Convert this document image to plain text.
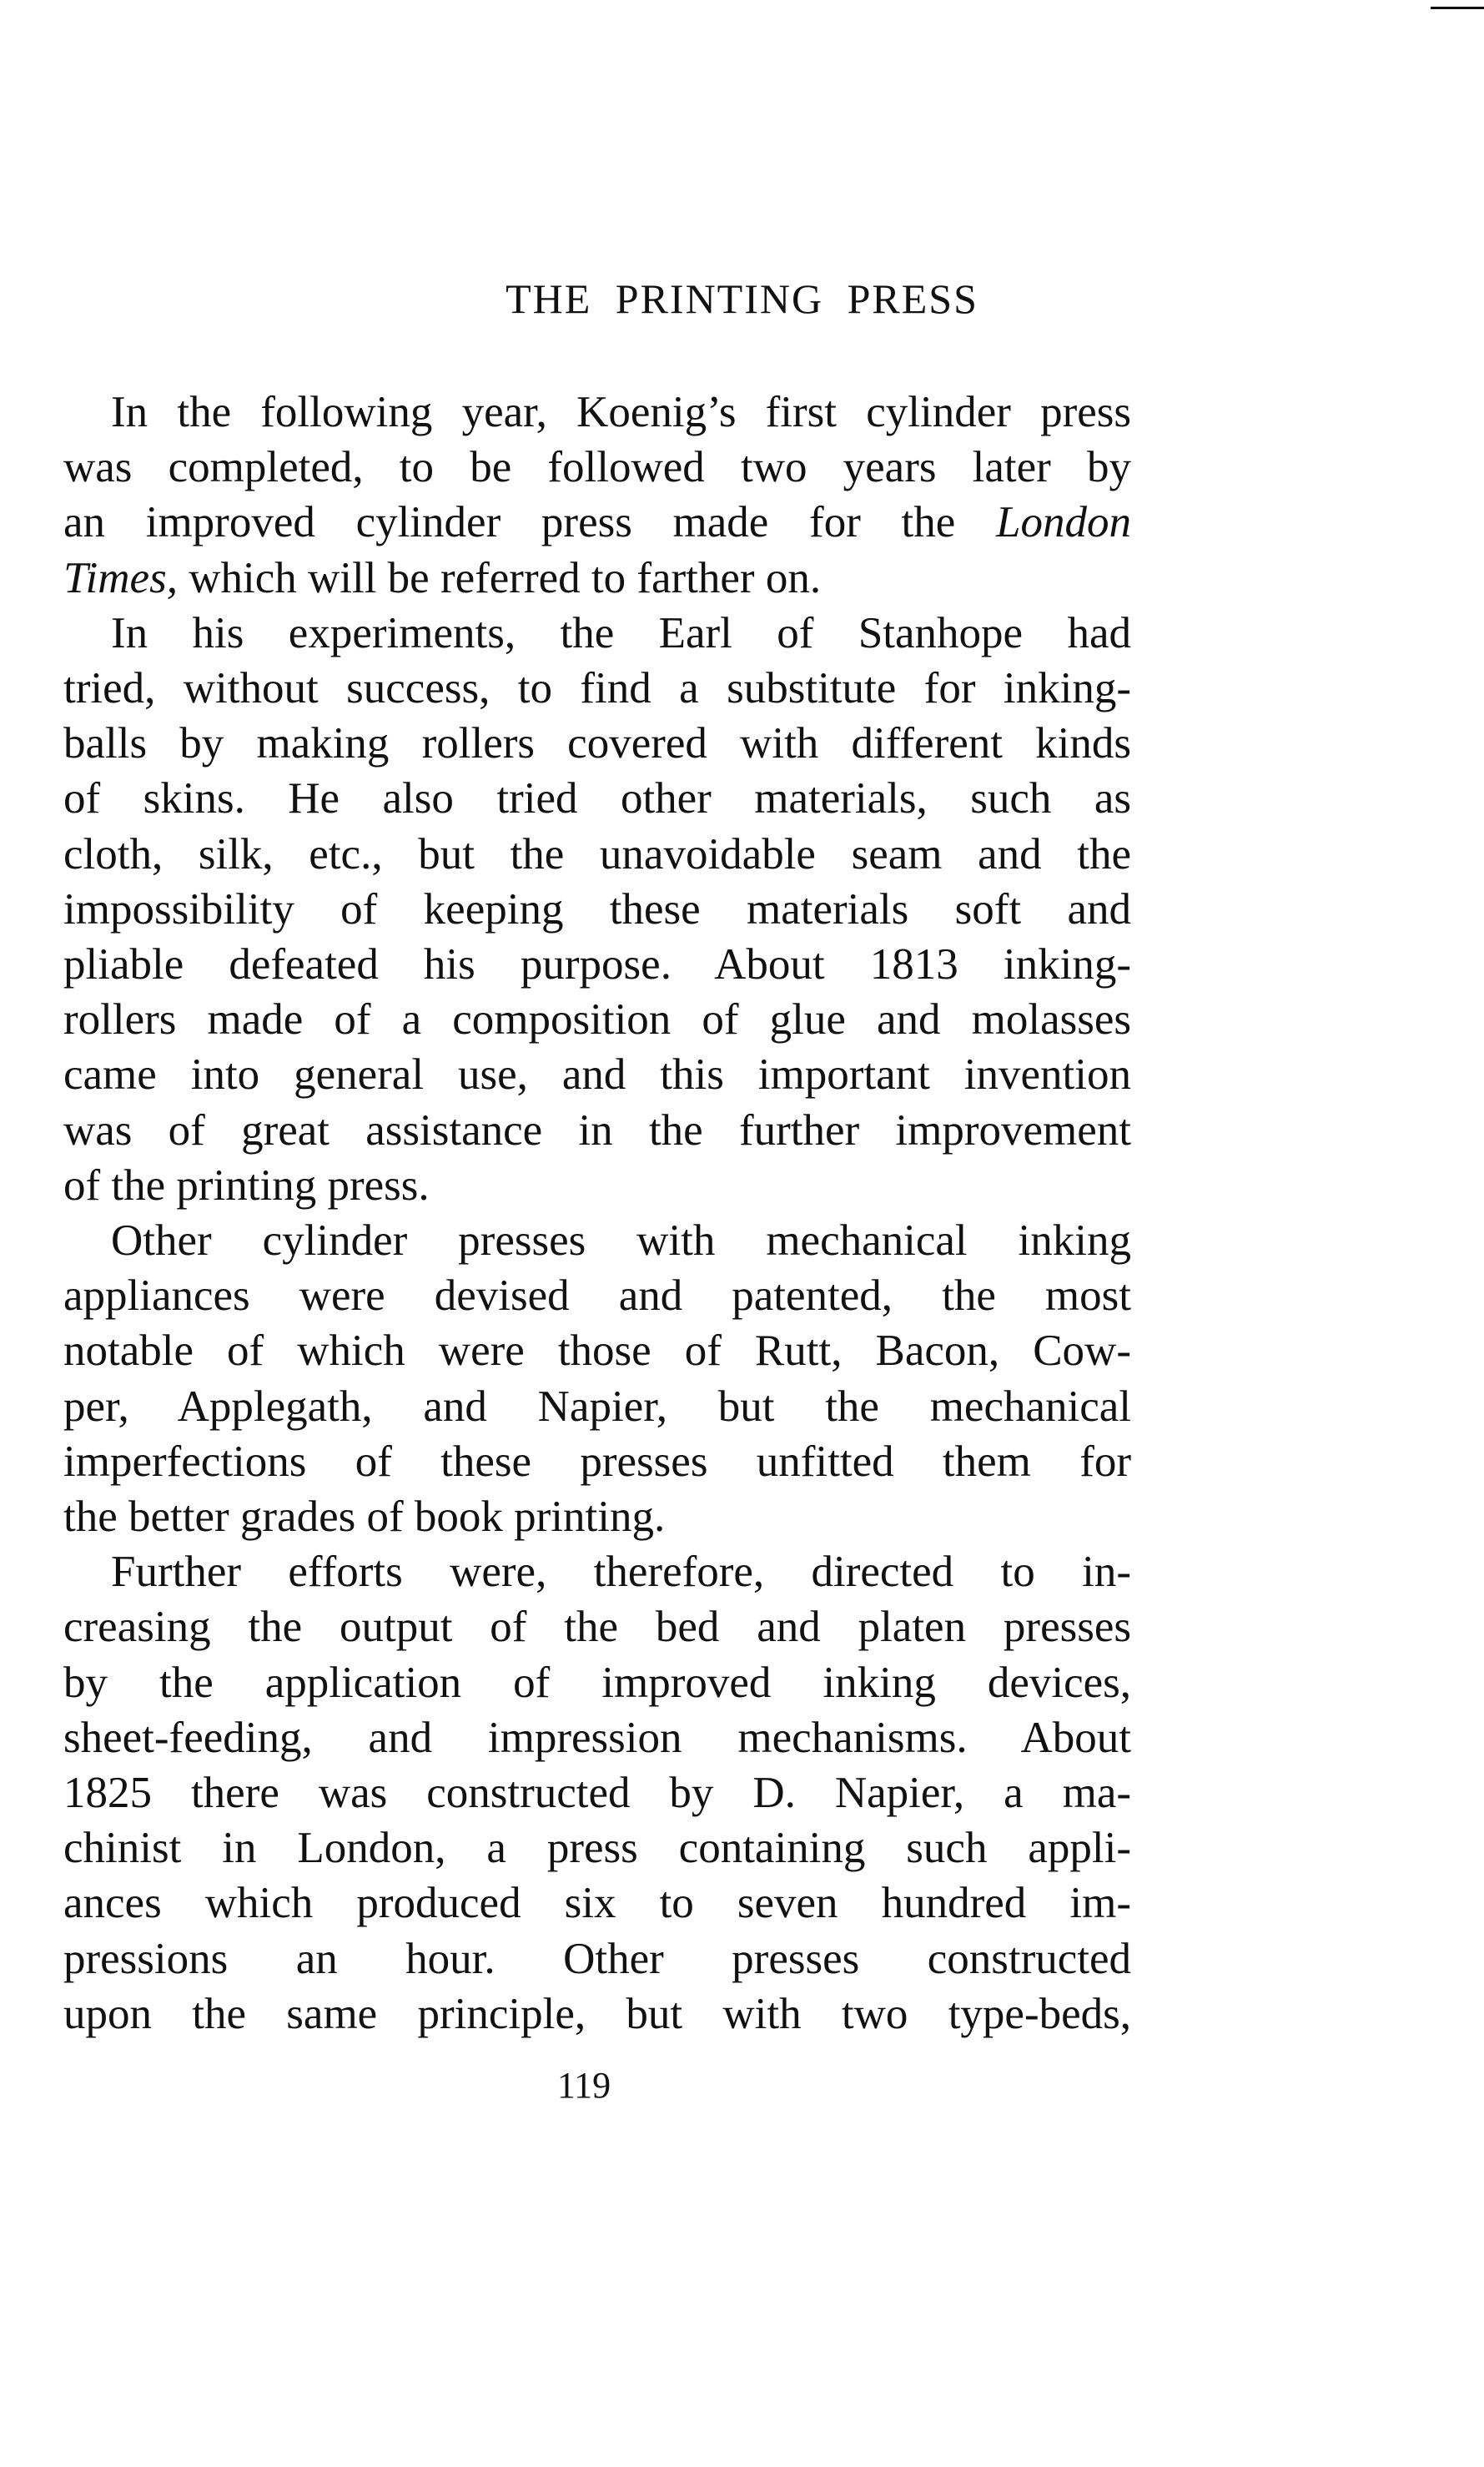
THE PRINTING PRESS
In the following year, Koenig’s first cylinder press
was completed, to be followed two years later by
an improved cylinder press made for the London
Times, which will be referred to farther on.
In his experiments, the Earl of Stanhope had
tried, without success, to find a substitute for inking-
balls by making rollers covered with different kinds
of skins. He also tried other materials, such as
cloth, silk, etc., but the unavoidable seam and the
impossibility of keeping these materials soft and
pliable defeated his purpose. About 1813 inking-
rollers made of a composition of glue and molasses
came into general use, and this important invention
was of great assistance in the further improvement
of the printing press.
Other cylinder presses with mechanical inking
appliances were devised and patented, the most
notable of which were those of Rutt, Bacon, Cow-
per, Applegath, and Napier, but the mechanical
imperfections of these presses unfitted them for
the better grades of book printing.
Further efforts were, therefore, directed to in-
creasing the output of the bed and platen presses
by the application of improved inking devices,
sheet-feeding, and impression mechanisms. About
1825 there was constructed by D. Napier, a ma-
chinist in London, a press containing such appli-
ances which produced six to seven hundred im-
pressions an hour. Other presses constructed
upon the same principle, but with two type-beds,
119
